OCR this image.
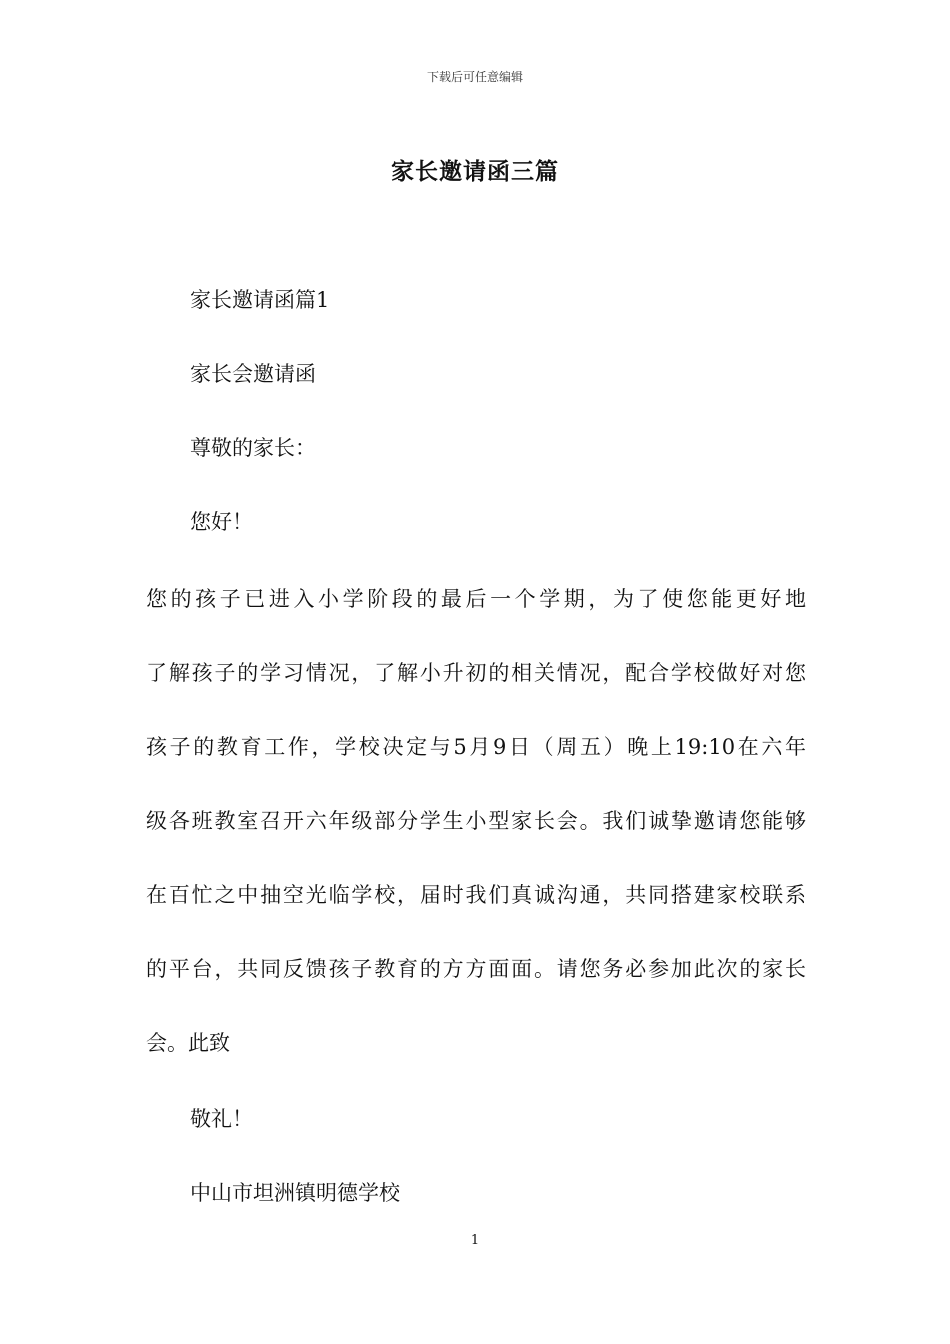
下载后可任意编辑
家长邀请函三篇
家长邀请函篇1
家长会邀请函
尊敬的家长：
您好！
您的孩子已进入小学阶段的最后一个学期，为了使您能更好地
了解孩子的学习情况，了解小升初的相关情况，配合学校做好对您
孩子的教育工作，学校决定与5月9日（周五）晚上19:10在六年
级各班教室召开六年级部分学生小型家长会。我们诚挚邀请您能够
在百忙之中抽空光临学校，届时我们真诚沟通，共同搭建家校联系
的平台，共同反馈孩子教育的方方面面。请您务必参加此次的家长
会。此致
敬礼！
中山市坦洲镇明德学校
1
